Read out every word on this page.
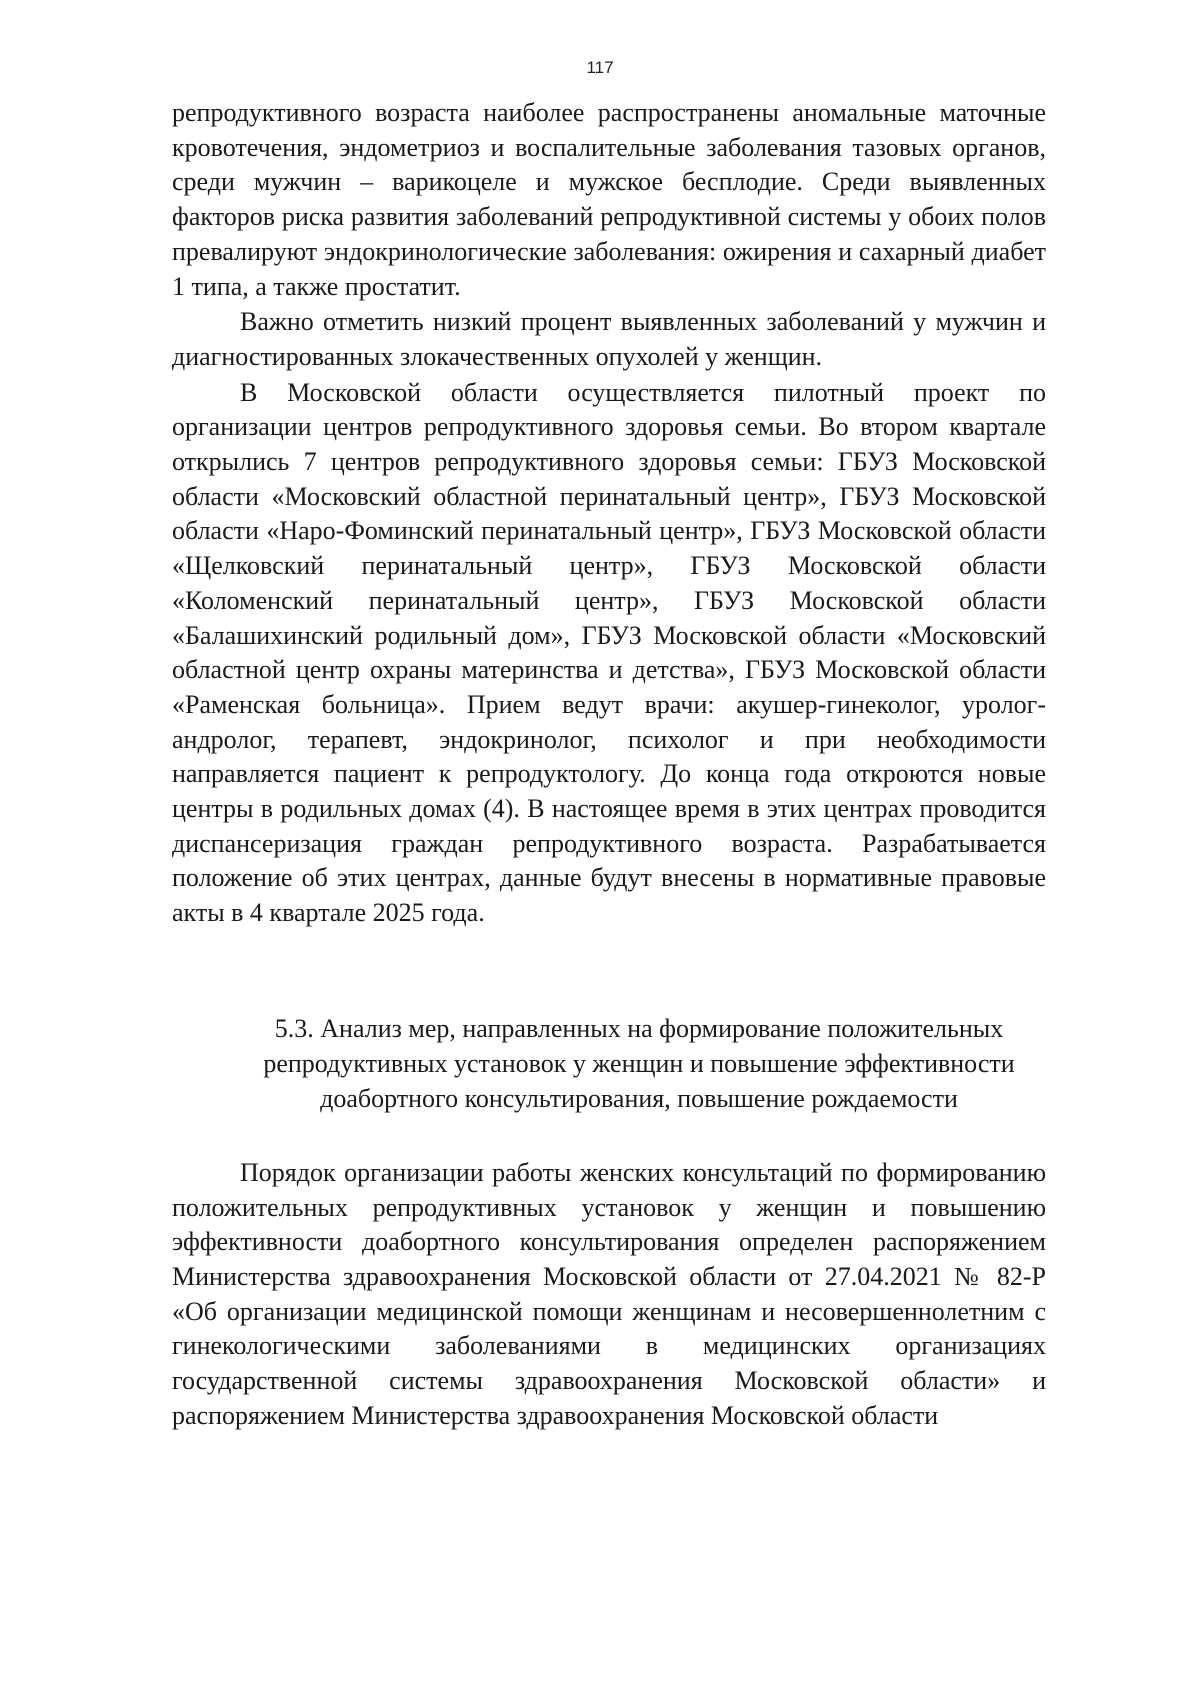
117

репродуктивного возраста наиболее распространены аномальные маточные кровотечения, эндометриоз и воспалительные заболевания тазовых органов, среди мужчин – варикоцеле и мужское бесплодие. Среди выявленных факторов риска развития заболеваний репродуктивной системы у обоих полов превалируют эндокринологические заболевания: ожирения и сахарный диабет 1 типа, а также простатит.

Важно отметить низкий процент выявленных заболеваний у мужчин и диагностированных злокачественных опухолей у женщин.

В Московской области осуществляется пилотный проект по организации центров репродуктивного здоровья семьи. Во втором квартале открылись 7 центров репродуктивного здоровья семьи: ГБУЗ Московской области «Московский областной перинатальный центр», ГБУЗ Московской области «Наро-Фоминский перинатальный центр», ГБУЗ Московской области «Щелковский перинатальный центр», ГБУЗ Московской области «Коломенский перинатальный центр», ГБУЗ Московской области «Балашихинский родильный дом», ГБУЗ Московской области «Московский областной центр охраны материнства и детства», ГБУЗ Московской области «Раменская больница». Прием ведут врачи: акушер-гинеколог, уролог-андролог, терапевт, эндокринолог, психолог и при необходимости направляется пациент к репродуктологу. До конца года откроются новые центры в родильных домах (4). В настоящее время в этих центрах проводится диспансеризация граждан репродуктивного возраста. Разрабатывается положение об этих центрах, данные будут внесены в нормативные правовые акты в 4 квартале 2025 года.

5.3. Анализ мер, направленных на формирование положительных репродуктивных установок у женщин и повышение эффективности доабортного консультирования, повышение рождаемости

Порядок организации работы женских консультаций по формированию положительных репродуктивных установок у женщин и повышению эффективности доабортного консультирования определен распоряжением Министерства здравоохранения Московской области от 27.04.2021 № 82-Р «Об организации медицинской помощи женщинам и несовершеннолетним с гинекологическими заболеваниями в медицинских организациях государственной системы здравоохранения Московской области» и распоряжением Министерства здравоохранения Московской области
